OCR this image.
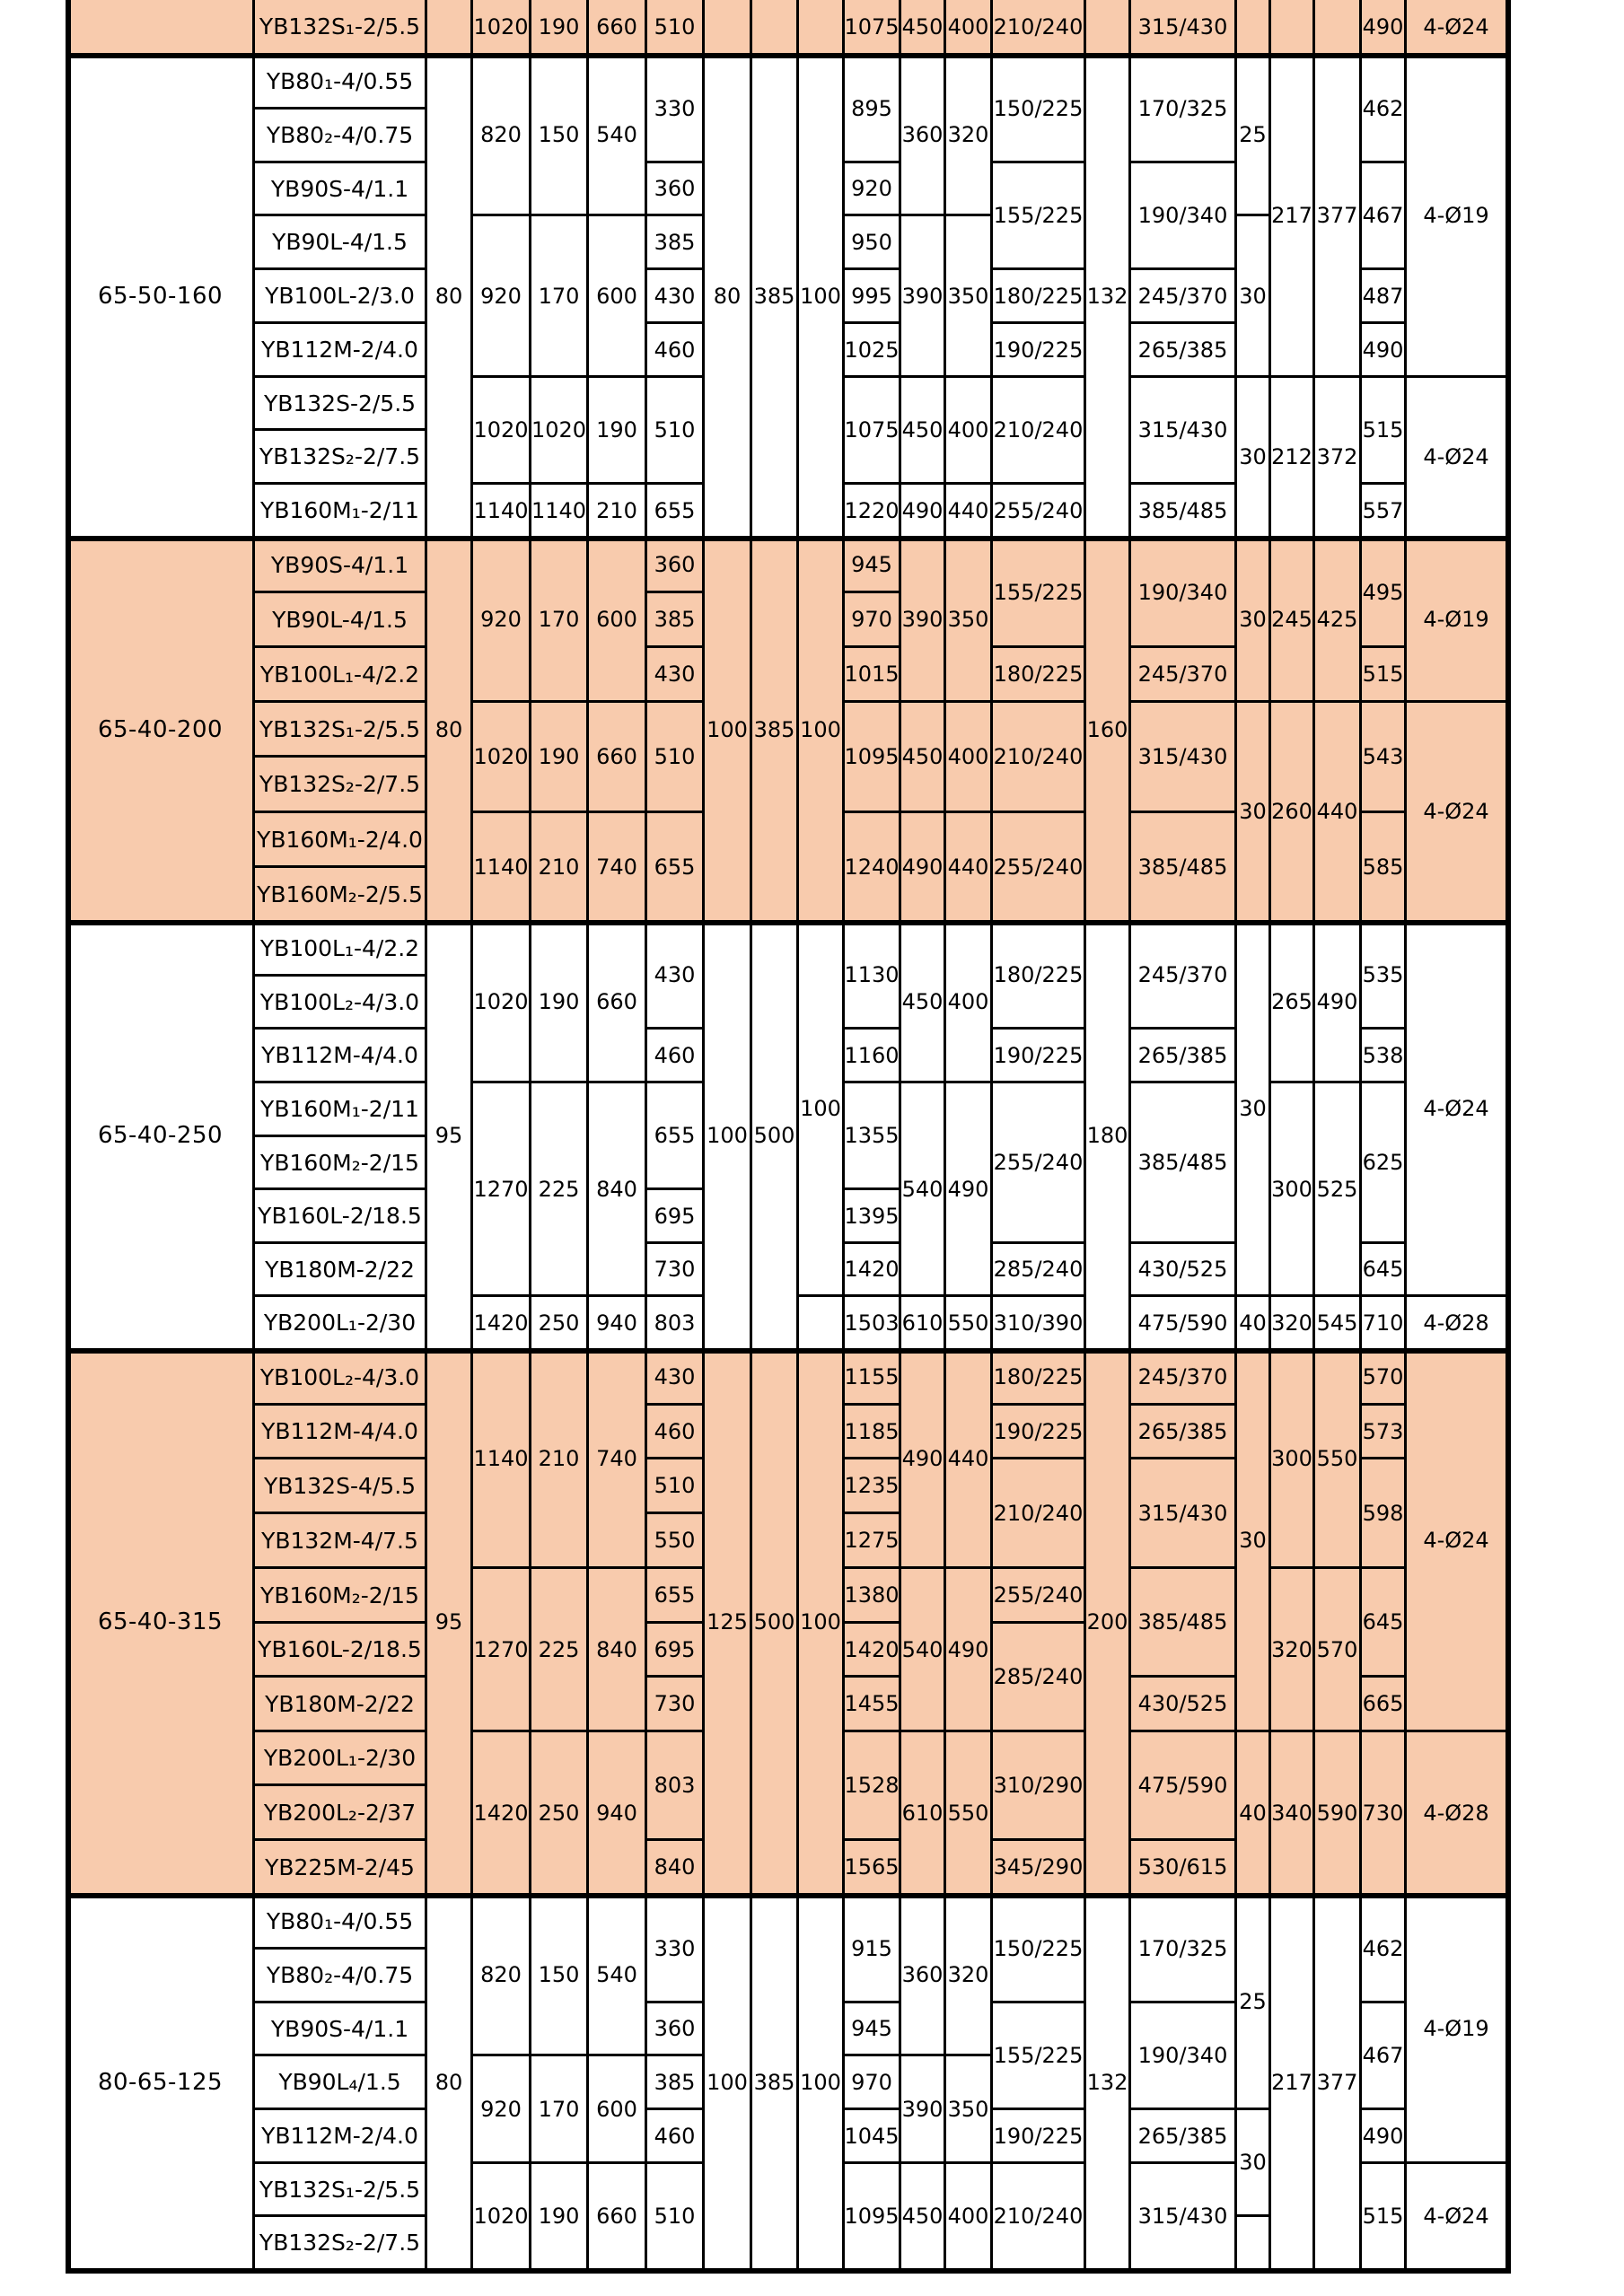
65-50-160
65-40-200
65-40-250
65-40-315
80-65-125
YB132S₁-2/5.5
YB80₁-4/0.55
YB80₂-4/0.75
YB90S-4/1.1
YB90L-4/1.5
YB100L-2/3.0
YB112M-2/4.0
YB132S-2/5.5
YB132S₂-2/7.5
YB160M₁-2/11
YB90S-4/1.1
YB90L-4/1.5
YB100L₁-4/2.2
YB132S₁-2/5.5
YB132S₂-2/7.5
YB160M₁-2/4.0
YB160M₂-2/5.5
YB100L₁-4/2.2
YB100L₂-4/3.0
YB112M-4/4.0
YB160M₁-2/11
YB160M₂-2/15
YB160L-2/18.5
YB180M-2/22
YB200L₁-2/30
YB100L₂-4/3.0
YB112M-4/4.0
YB132S-4/5.5
YB132M-4/7.5
YB160M₂-2/15
YB160L-2/18.5
YB180M-2/22
YB200L₁-2/30
YB200L₂-2/37
YB225M-2/45
YB80₁-4/0.55
YB80₂-4/0.75
YB90S-4/1.1
YB90L₄/1.5
YB112M-2/4.0
YB132S₁-2/5.5
YB132S₂-2/7.5
80
80
95
95
80
1020
820
920
1020
1140
920
1020
1140
1020
1270
1420
1140
1270
1420
820
920
1020
190
150
170
1020
1140
170
190
210
190
225
250
210
225
250
150
170
190
660
540
600
190
210
600
660
740
660
840
940
740
840
940
540
600
660
510
330
360
385
430
460
510
655
360
385
430
510
655
430
460
655
695
730
803
430
460
510
550
655
695
730
803
840
330
360
385
460
510
80
100
100
125
100
385
385
500
500
385
100
100
100
100
100
1075
895
920
950
995
1025
1075
1220
945
970
1015
1095
1240
1130
1160
1355
1395
1420
1503
1155
1185
1235
1275
1380
1420
1455
1528
1565
915
945
970
1045
1095
450
360
390
450
490
390
450
490
450
540
610
490
540
610
360
390
450
400
320
350
400
440
350
400
440
400
490
550
440
490
550
320
350
400
210/240
150/225
155/225
180/225
190/225
210/240
255/240
155/225
180/225
210/240
255/240
180/225
190/225
255/240
285/240
310/390
180/225
190/225
210/240
255/240
285/240
310/290
345/290
150/225
155/225
190/225
210/240
132
160
180
200
132
315/430
170/325
190/340
245/370
265/385
315/430
385/485
190/340
245/370
315/430
385/485
245/370
265/385
385/485
430/525
475/590
245/370
265/385
315/430
385/485
430/525
475/590
530/615
170/325
190/340
265/385
315/430
25
30
30
30
30
30
40
30
40
25
30
217
212
245
260
265
300
320
300
320
340
217
377
372
425
440
490
525
545
550
570
590
377
490
462
467
487
490
515
557
495
515
543
585
535
538
625
645
710
570
573
598
645
665
730
462
467
490
515
4-Ø24
4-Ø19
4-Ø24
4-Ø19
4-Ø24
4-Ø24
4-Ø28
4-Ø24
4-Ø28
4-Ø19
4-Ø24
